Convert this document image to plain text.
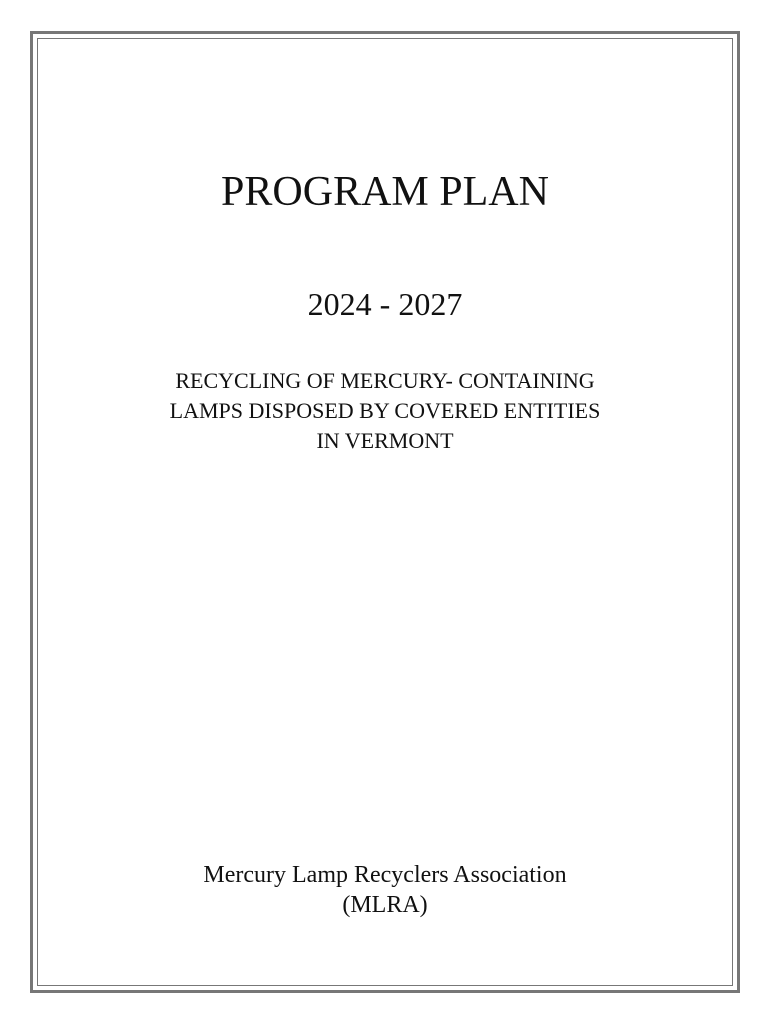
PROGRAM PLAN
2024 - 2027
RECYCLING OF MERCURY- CONTAINING
LAMPS DISPOSED BY COVERED ENTITIES
IN VERMONT
Mercury Lamp Recyclers Association
(MLRA)
